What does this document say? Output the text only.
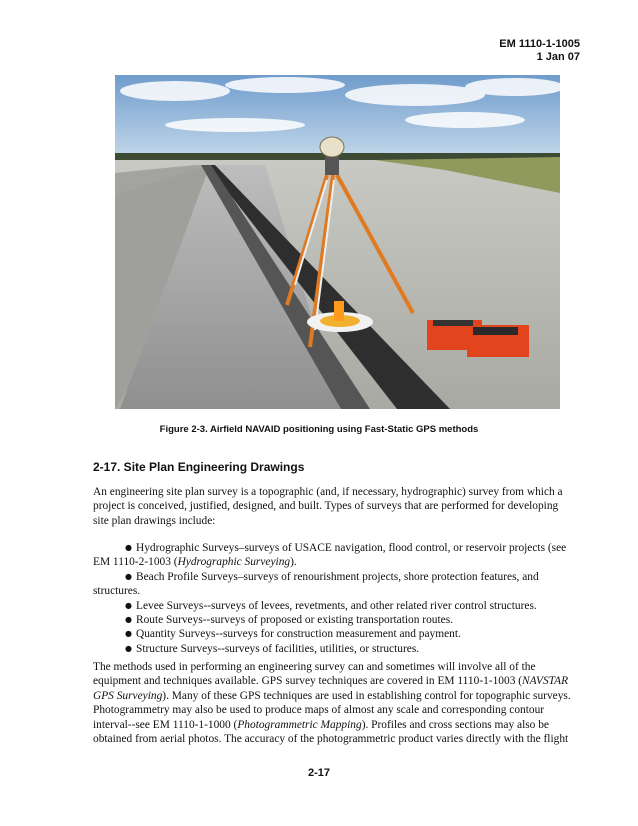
EM 1110-1-1005
1 Jan 07
Figure 2-3. Airfield NAVAID positioning using Fast-Static GPS methods
2-17. Site Plan Engineering Drawings
An engineering site plan survey is a topographic (and, if necessary, hydrographic) survey from which a project is conceived, justified, designed, and built. Types of surveys that are performed for developing site plan drawings include:
● Hydrographic Surveys–surveys of USACE navigation, flood control, or reservoir projects (see EM 1110-2-1003 (Hydrographic Surveying).
● Beach Profile Surveys–surveys of renourishment projects, shore protection features, and structures.
● Levee Surveys--surveys of levees, revetments, and other related river control structures.
● Route Surveys--surveys of proposed or existing transportation routes.
● Quantity Surveys--surveys for construction measurement and payment.
● Structure Surveys--surveys of facilities, utilities, or structures.
The methods used in performing an engineering survey can and sometimes will involve all of the equipment and techniques available. GPS survey techniques are covered in EM 1110-1-1003 (NAVSTAR GPS Surveying). Many of these GPS techniques are used in establishing control for topographic surveys. Photogrammetry may also be used to produce maps of almost any scale and corresponding contour interval--see EM 1110-1-1000 (Photogrammetric Mapping). Profiles and cross sections may also be obtained from aerial photos. The accuracy of the photogrammetric product varies directly with the flight
2-17
